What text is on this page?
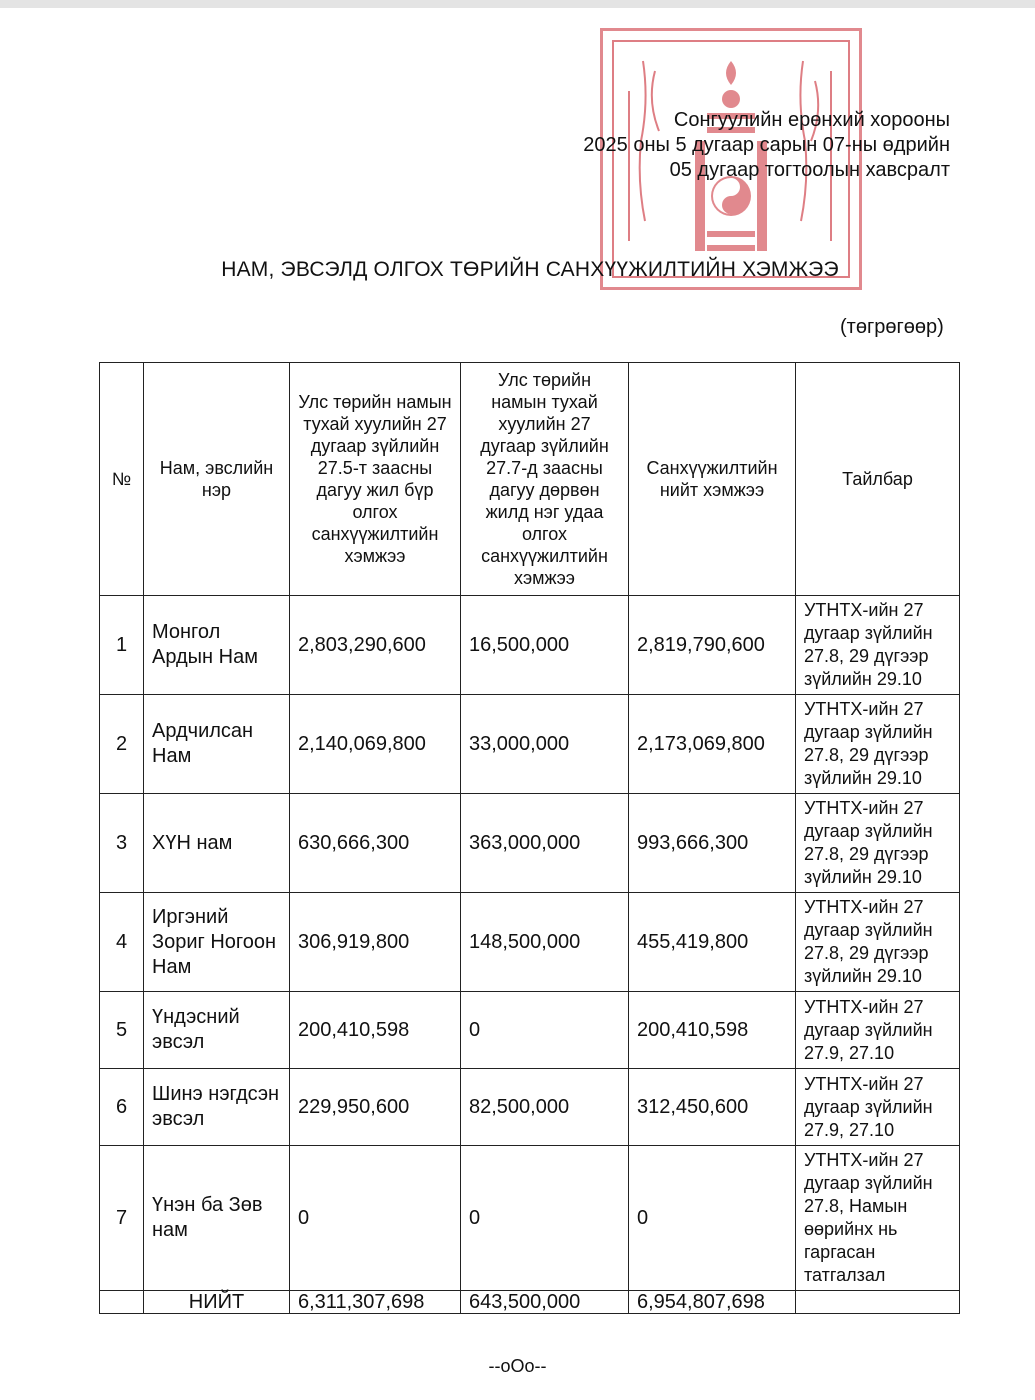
Сонгуулийн ерөнхий хорооны
2025 оны 5 дугаар сарын 07-ны өдрийн
05 дугаар тогтоолын хавсралт
НАМ, ЭВСЭЛД ОЛГОХ ТӨРИЙН САНХҮҮЖИЛТИЙН ХЭМЖЭЭ
(төгрөгөөр)
№	Нам, эвслийн нэр	Улс төрийн намын тухай хуулийн 27 дугаар зүйлийн 27.5-т заасны дагуу жил бүр олгох санхүүжилтийн хэмжээ	Улс төрийн намын тухай хуулийн 27 дугаар зүйлийн 27.7-д заасны дагуу дөрвөн жилд нэг удаа олгох санхүүжилтийн хэмжээ	Санхүүжилтийн нийт хэмжээ	Тайлбар
1	Монгол Ардын Нам	2,803,290,600	16,500,000	2,819,790,600	УТНТХ-ийн 27 дугаар зүйлийн 27.8, 29 дүгээр зүйлийн 29.10
2	Ардчилсан Нам	2,140,069,800	33,000,000	2,173,069,800	УТНТХ-ийн 27 дугаар зүйлийн 27.8, 29 дүгээр зүйлийн 29.10
3	ХҮН нам	630,666,300	363,000,000	993,666,300	УТНТХ-ийн 27 дугаар зүйлийн 27.8, 29 дүгээр зүйлийн 29.10
4	Иргэний Зориг Ногоон Нам	306,919,800	148,500,000	455,419,800	УТНТХ-ийн 27 дугаар зүйлийн 27.8, 29 дүгээр зүйлийн 29.10
5	Үндэсний эвсэл	200,410,598	0	200,410,598	УТНТХ-ийн 27 дугаар зүйлийн 27.9, 27.10
6	Шинэ нэгдсэн эвсэл	229,950,600	82,500,000	312,450,600	УТНТХ-ийн 27 дугаар зүйлийн 27.9, 27.10
7	Үнэн ба Зөв нам	0	0	0	УТНТХ-ийн 27 дугаар зүйлийн 27.8, Намын өөрийнх нь гаргасан татгалзал
	НИЙТ	6,311,307,698	643,500,000	6,954,807,698	
--oOo--
